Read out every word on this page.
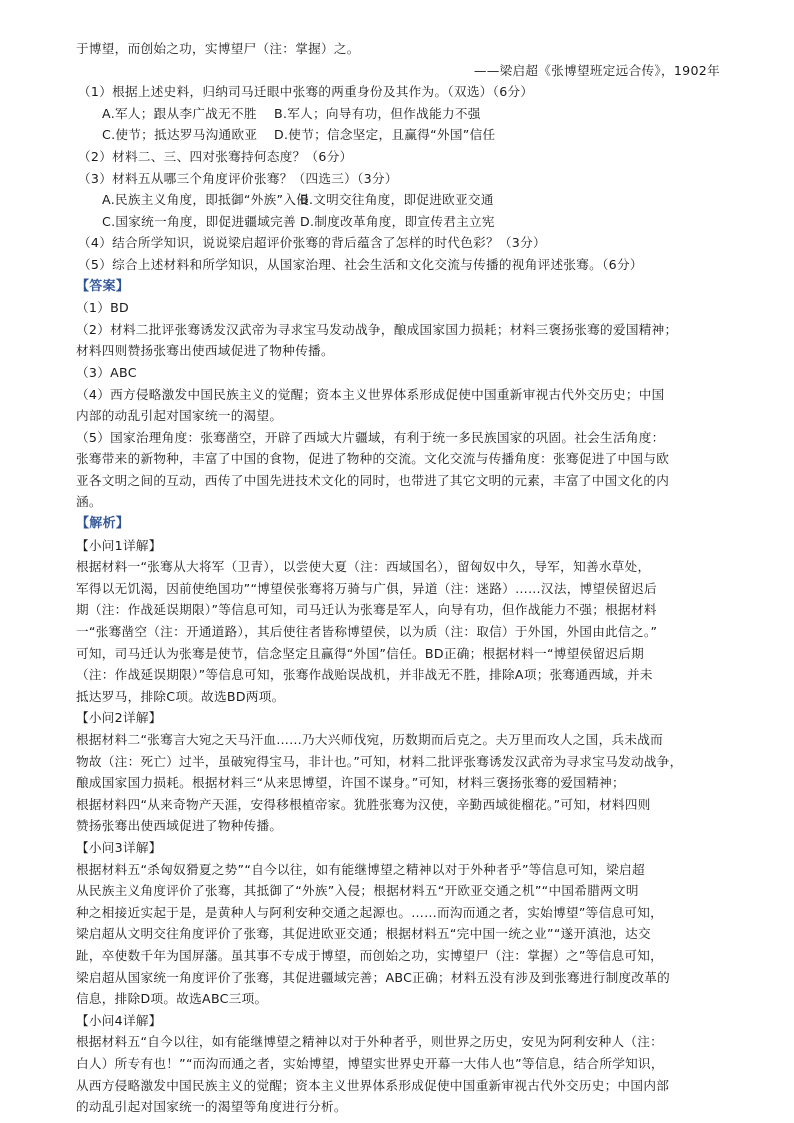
于博望，而创始之功，实博望尸（注：掌握）之。
——梁启超《张博望班定远合传》，1902年
（1）根据上述史料，归纳司马迁眼中张骞的两重身份及其作为。（双选）（6分）
A.军人；跟从李广战无不胜 B.军人；向导有功，但作战能力不强
C.使节；抵达罗马沟通欧亚 D.使节；信念坚定，且赢得“外国”信任
（2）材料二、三、四对张骞持何态度？（6分）
（3）材料五从哪三个角度评价张骞？（四选三）（3分）
A.民族主义角度，即抵御“外族”入侵B.文明交往角度，即促进欧亚交通
C.国家统一角度，即促进疆域完善 D.制度改革角度，即宣传君主立宪
（4）结合所学知识，说说梁启超评价张骞的背后蕴含了怎样的时代色彩？（3分）
（5）综合上述材料和所学知识，从国家治理、社会生活和文化交流与传播的视角评述张骞。（6分）
【答案】
（1）BD
（2）材料二批评张骞诱发汉武帝为寻求宝马发动战争，酿成国家国力损耗；材料三褒扬张骞的爱国精神；
材料四则赞扬张骞出使西域促进了物种传播。
（3）ABC
（4）西方侵略激发中国民族主义的觉醒；资本主义世界体系形成促使中国重新审视古代外交历史；中国
内部的动乱引起对国家统一的渴望。
（5）国家治理角度：张骞凿空，开辟了西域大片疆域，有利于统一多民族国家的巩固。社会生活角度：
张骞带来的新物种，丰富了中国的食物，促进了物种的交流。文化交流与传播角度：张骞促进了中国与欧
亚各文明之间的互动，西传了中国先进技术文化的同时，也带进了其它文明的元素，丰富了中国文化的内
涵。
【解析】
【小问1详解】
根据材料一“张骞从大将军（卫青），以尝使大夏（注：西域国名），留匈奴中久，导军，知善水草处，
军得以无饥渴，因前使绝国功”“博望侯张骞将万骑与广俱，异道（注：迷路）……汉法，博望侯留迟后
期（注：作战延误期限）”等信息可知，司马迁认为张骞是军人，向导有功，但作战能力不强；根据材料
一“张骞凿空（注：开通道路），其后使往者皆称博望侯，以为质（注：取信）于外国，外国由此信之。”
可知，司马迁认为张骞是使节，信念坚定且赢得“外国”信任。BD正确；根据材料一“博望侯留迟后期
（注：作战延误期限）”等信息可知，张骞作战贻误战机，并非战无不胜，排除A项；张骞通西域，并未
抵达罗马，排除C项。故选BD两项。
【小问2详解】
根据材料二“张骞言大宛之天马汗血……乃大兴师伐宛，历数期而后克之。夫万里而攻人之国，兵未战而
物故（注：死亡）过半，虽破宛得宝马，非计也。”可知，材料二批评张骞诱发汉武帝为寻求宝马发动战争，
酿成国家国力损耗。根据材料三“从来思博望，许国不谋身。”可知，材料三褒扬张骞的爱国精神；
根据材料四“从来奇物产天涯，安得移根植帝家。犹胜张骞为汉使，辛勤西域徙榴花。”可知，材料四则
赞扬张骞出使西域促进了物种传播。
【小问3详解】
根据材料五“杀匈奴猾夏之势”“自今以往，如有能继博望之精神以对于外种者乎”等信息可知，梁启超
从民族主义角度评价了张骞，其抵御了“外族”入侵；根据材料五“开欧亚交通之机”“中国希腊两文明
种之相接近实起于是，是黄种人与阿利安种交通之起源也。……而沟而通之者，实始博望”等信息可知，
梁启超从文明交往角度评价了张骞，其促进欧亚交通；根据材料五“完中国一统之业”“遂开滇池，达交
趾，卒使数千年为国屏藩。虽其事不专成于博望，而创始之功，实博望尸（注：掌握）之”等信息可知，
梁启超从国家统一角度评价了张骞，其促进疆域完善；ABC正确；材料五没有涉及到张骞进行制度改革的
信息，排除D项。故选ABC三项。
【小问4详解】
根据材料五“自今以往，如有能继博望之精神以对于外种者乎，则世界之历史，安见为阿利安种人（注：
白人）所专有也！”“而沟而通之者，实始博望，博望实世界史开幕一大伟人也”等信息，结合所学知识，
从西方侵略激发中国民族主义的觉醒；资本主义世界体系形成促使中国重新审视古代外交历史；中国内部
的动乱引起对国家统一的渴望等角度进行分析。
